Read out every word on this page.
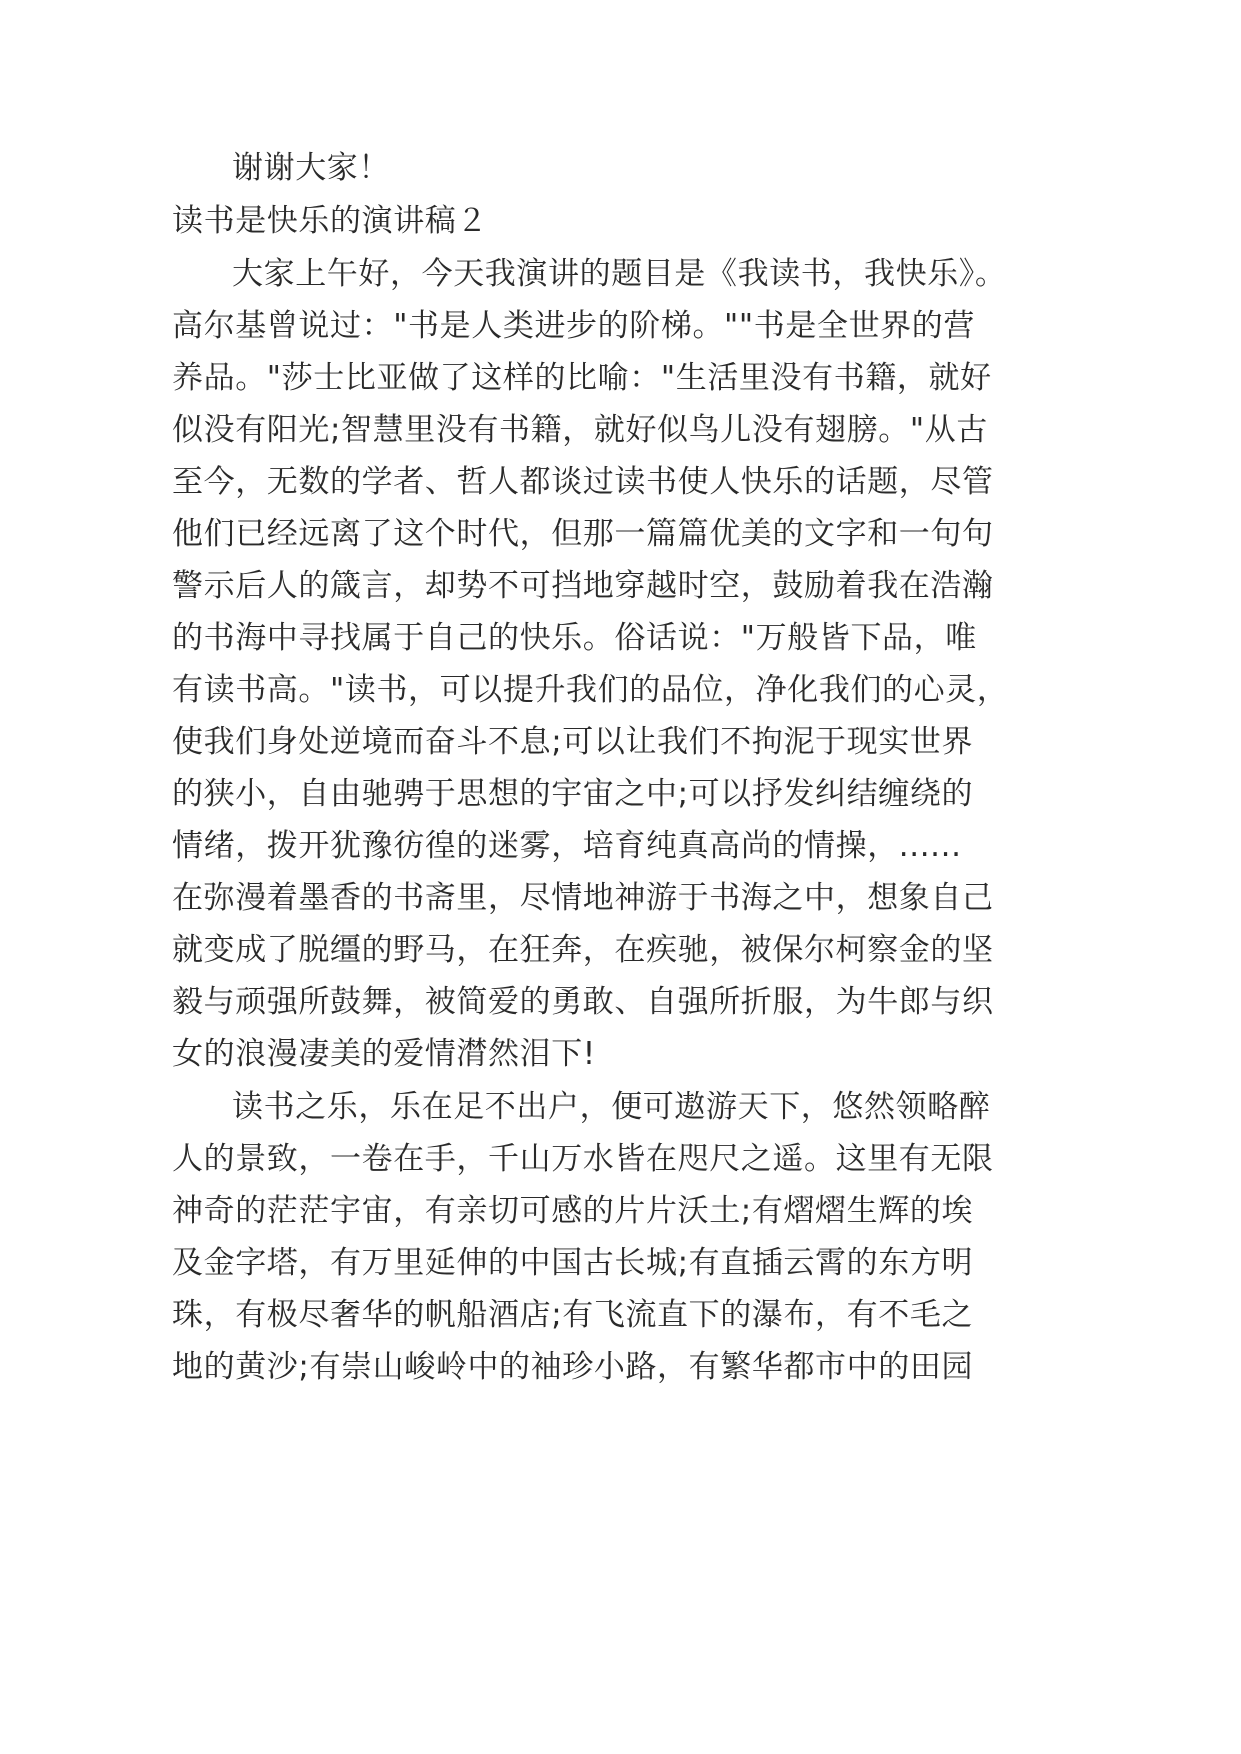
谢谢大家！
读书是快乐的演讲稿２
大家上午好，今天我演讲的题目是《我读书，我快乐》。
高尔基曾说过："书是人类进步的阶梯。""书是全世界的营
养品。"莎士比亚做了这样的比喻："生活里没有书籍，就好
似没有阳光;智慧里没有书籍，就好似鸟儿没有翅膀。"从古
至今，无数的学者、哲人都谈过读书使人快乐的话题，尽管
他们已经远离了这个时代，但那一篇篇优美的文字和一句句
警示后人的箴言，却势不可挡地穿越时空，鼓励着我在浩瀚
的书海中寻找属于自己的快乐。俗话说："万般皆下品，唯
有读书高。"读书，可以提升我们的品位，净化我们的心灵，
使我们身处逆境而奋斗不息;可以让我们不拘泥于现实世界
的狭小，自由驰骋于思想的宇宙之中;可以抒发纠结缠绕的
情绪，拨开犹豫彷徨的迷雾，培育纯真高尚的情操，......
在弥漫着墨香的书斋里，尽情地神游于书海之中，想象自己
就变成了脱缰的野马，在狂奔，在疾驰，被保尔柯察金的坚
毅与顽强所鼓舞，被简爱的勇敢、自强所折服，为牛郎与织
女的浪漫凄美的爱情潸然泪下!
读书之乐，乐在足不出户，便可遨游天下，悠然领略醉
人的景致，一卷在手，千山万水皆在咫尺之遥。这里有无限
神奇的茫茫宇宙，有亲切可感的片片沃土;有熠熠生辉的埃
及金字塔，有万里延伸的中国古长城;有直插云霄的东方明
珠，有极尽奢华的帆船酒店;有飞流直下的瀑布，有不毛之
地的黄沙;有崇山峻岭中的袖珍小路，有繁华都市中的田园
